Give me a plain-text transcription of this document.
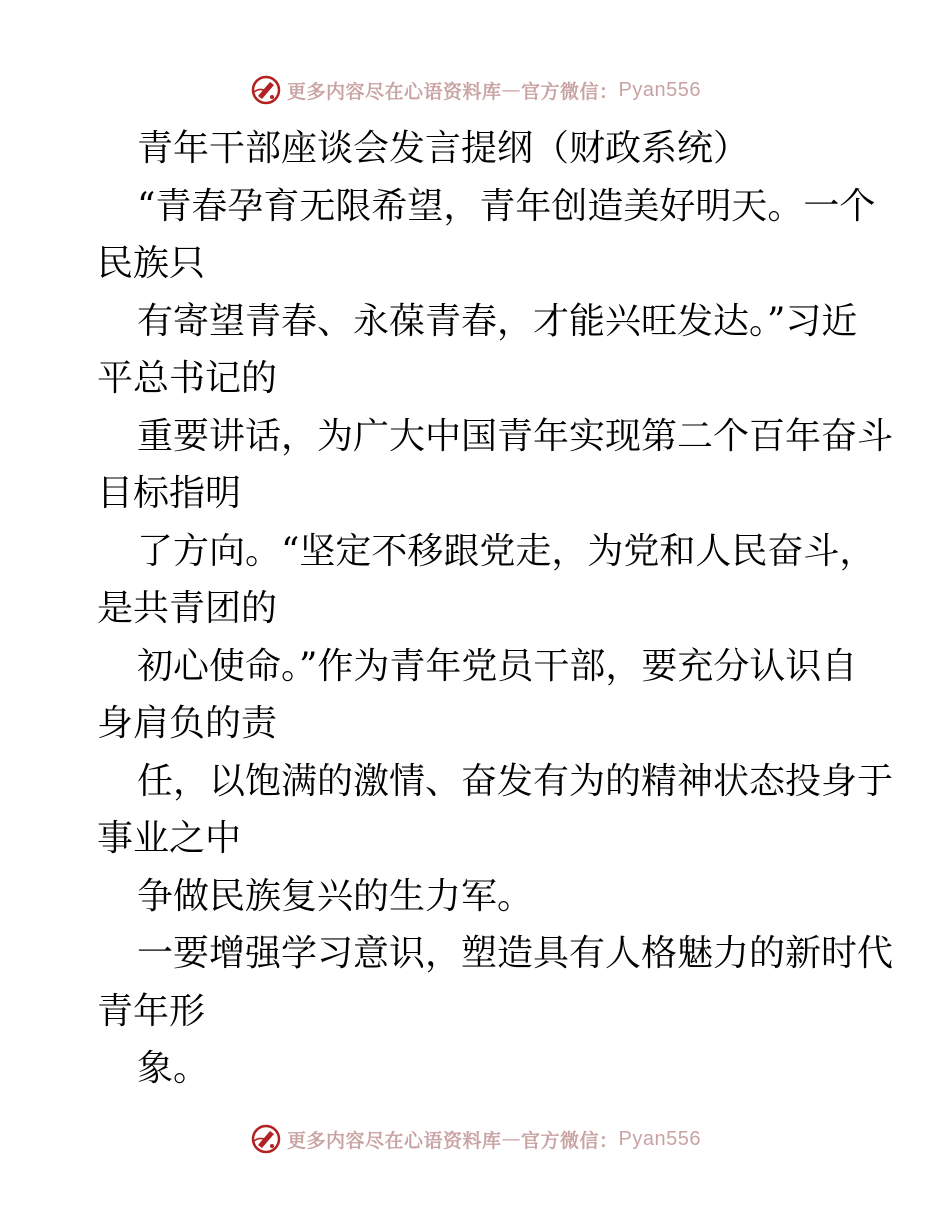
更多内容尽在心语资料库 — 官方微信： Pyan556

青年干部座谈会发言提纲（财政系统）

“青春孕育无限希望，青年创造美好明天。一个

民族只

有寄望青春、永葆青春，才能兴旺发达。”习近

平总书记的

重要讲话，为广大中国青年实现第二个百年奋斗

目标指明

了方向。“坚定不移跟党走，为党和人民奋斗，

是共青团的

初心使命。”作为青年党员干部，要充分认识自

身肩负的责

任，以饱满的激情、奋发有为的精神状态投身于

事业之中

争做民族复兴的生力军。

一要增强学习意识，塑造具有人格魅力的新时代

青年形

象。

更多内容尽在心语资料库 — 官方微信： Pyan556
